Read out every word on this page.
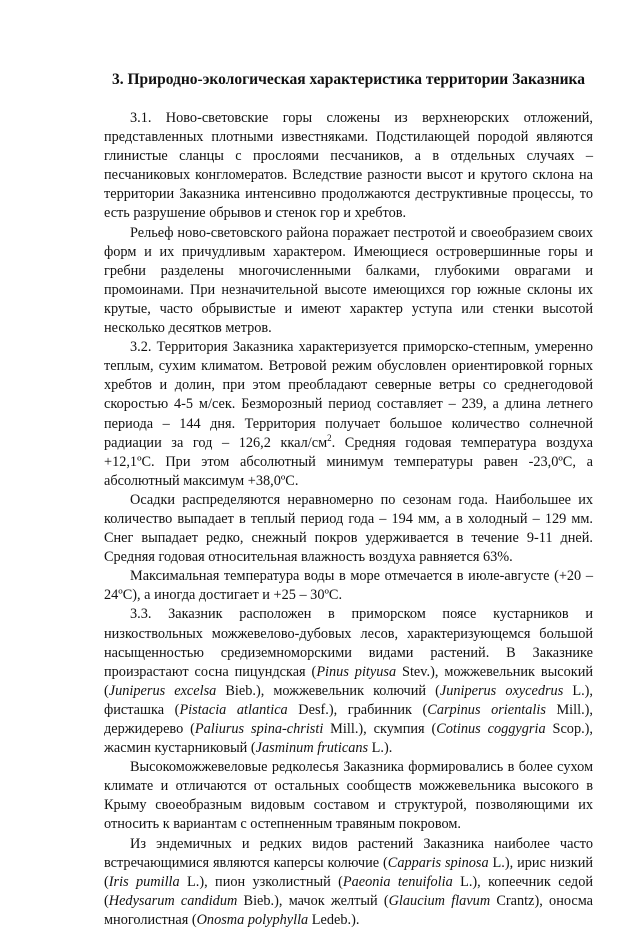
3. Природно-экологическая характеристика территории Заказника

3.1. Ново-световские горы сложены из верхнеюрских отложений, представленных плотными известняками. Подстилающей породой являются глинистые сланцы с прослоями песчаников, а в отдельных случаях – песчаниковых конгломератов. Вследствие разности высот и крутого склона на территории Заказника интенсивно продолжаются деструктивные процессы, то есть разрушение обрывов и стенок гор и хребтов.

Рельеф ново-световского района поражает пестротой и своеобразием своих форм и их причудливым характером. Имеющиеся островершинные горы и гребни разделены многочисленными балками, глубокими оврагами и промоинами. При незначительной высоте имеющихся гор южные склоны их крутые, часто обрывистые и имеют характер уступа или стенки высотой несколько десятков метров.

3.2. Территория Заказника характеризуется приморско-степным, умеренно теплым, сухим климатом. Ветровой режим обусловлен ориентировкой горных хребтов и долин, при этом преобладают северные ветры со среднегодовой скоростью 4-5 м/сек. Безморозный период составляет – 239, а длина летнего периода – 144 дня. Территория получает большое количество солнечной радиации за год – 126,2 ккал/$см^2$. Средняя годовая температура воздуха +12,1ºС. При этом абсолютный минимум температуры равен -23,0ºС, а абсолютный максимум +38,0ºС.

Осадки распределяются неравномерно по сезонам года. Наибольшее их количество выпадает в теплый период года – 194 мм, а в холодный – 129 мм. Снег выпадает редко, снежный покров удерживается в течение 9-11 дней. Средняя годовая относительная влажность воздуха равняется 63%.

Максимальная температура воды в море отмечается в июле-августе (+20 – 24ºС), а иногда достигает и +25 – 30ºС.

3.3. Заказник расположен в приморском поясе кустарников и низкоствольных можжевелово-дубовых лесов, характеризующемся большой насыщенностью средиземноморскими видами растений. В Заказнике произрастают сосна пицундская (Pinus pityusa Stev.), можжевельник высокий (Juniperus excelsa Bieb.), можжевельник колючий (Juniperus oxycedrus L.), фисташка (Pistacia atlantica Desf.), грабинник (Carpinus orientalis Mill.), держидерево (Paliurus spina-christi Mill.), скумпия (Cotinus coggygria Scop.), жасмин кустарниковый (Jasminum fruticans L.).

Высокоможжевеловые редколесья Заказника формировались в более сухом климате и отличаются от остальных сообществ можжевельника высокого в Крыму своеобразным видовым составом и структурой, позволяющими их относить к вариантам с остепненным травяным покровом.

Из эндемичных и редких видов растений Заказника наиболее часто встречающимися являются каперсы колючие (Capparis spinosa L.), ирис низкий (Iris pumilla L.), пион узколистный (Paeonia tenuifolia L.), копеечник седой (Hedysarum candidum Bieb.), мачок желтый (Glaucium flavum Crantz), оносма многолистная (Onosma polyphylla Ledeb.).
